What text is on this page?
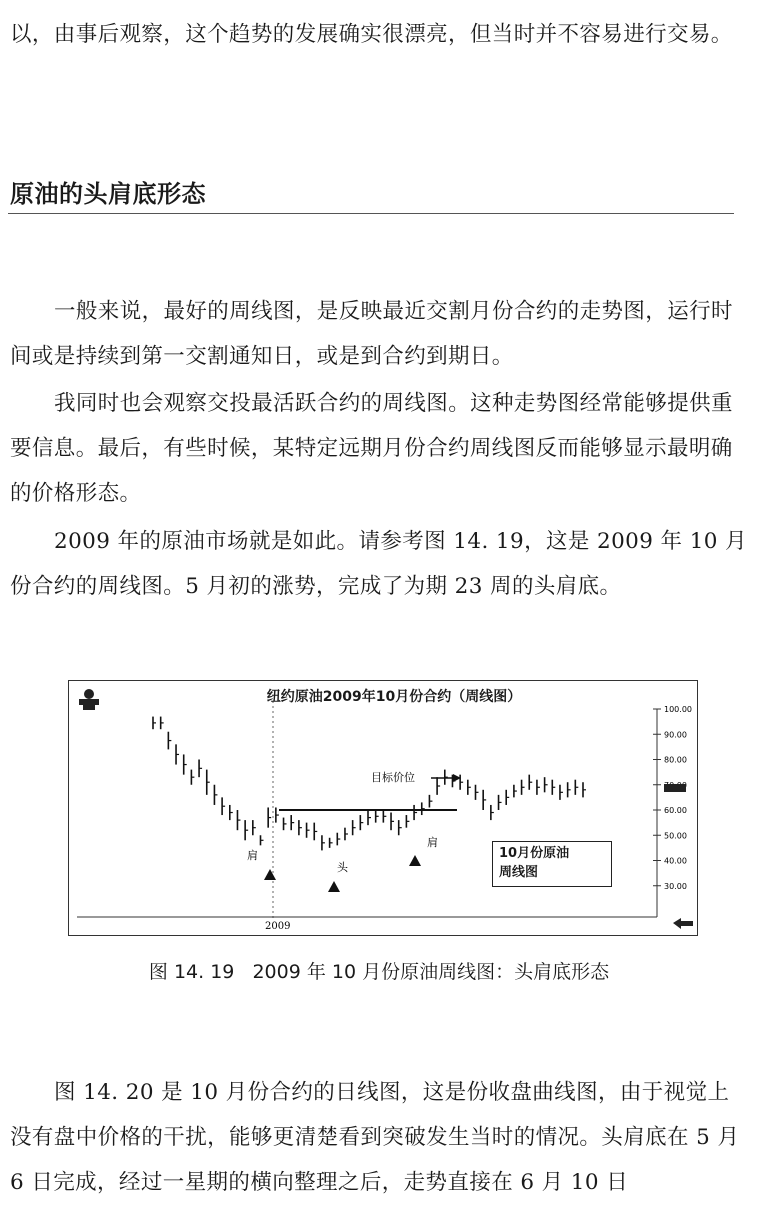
以，由事后观察，这个趋势的发展确实很漂亮，但当时并不容易进行交易。

原油的头肩底形态

一般来说，最好的周线图，是反映最近交割月份合约的走势图，运行时间或是持续到第一交割通知日，或是到合约到期日。

我同时也会观察交投最活跃合约的周线图。这种走势图经常能够提供重要信息。最后，有些时候，某特定远期月份合约周线图反而能够显示最明确的价格形态。

2009 年的原油市场就是如此。请参考图 14. 19，这是 2009 年 10 月份合约的周线图。5 月初的涨势，完成了为期 23 周的头肩底。

100.00
90.00
80.00
60.00
50.00
40.00
30.00
目标价位
肩
头
肩
2009
纽约原油2009年10月份合约（周线图）
10月份原油
周线图
图 14. 19 2009 年 10 月份原油周线图：头肩底形态

图 14. 20 是 10 月份合约的日线图，这是份收盘曲线图，由于视觉上没有盘中价格的干扰，能够更清楚看到突破发生当时的情况。头肩底在 5 月 6 日完成，经过一星期的横向整理之后，走势直接在 6 月 10 日
